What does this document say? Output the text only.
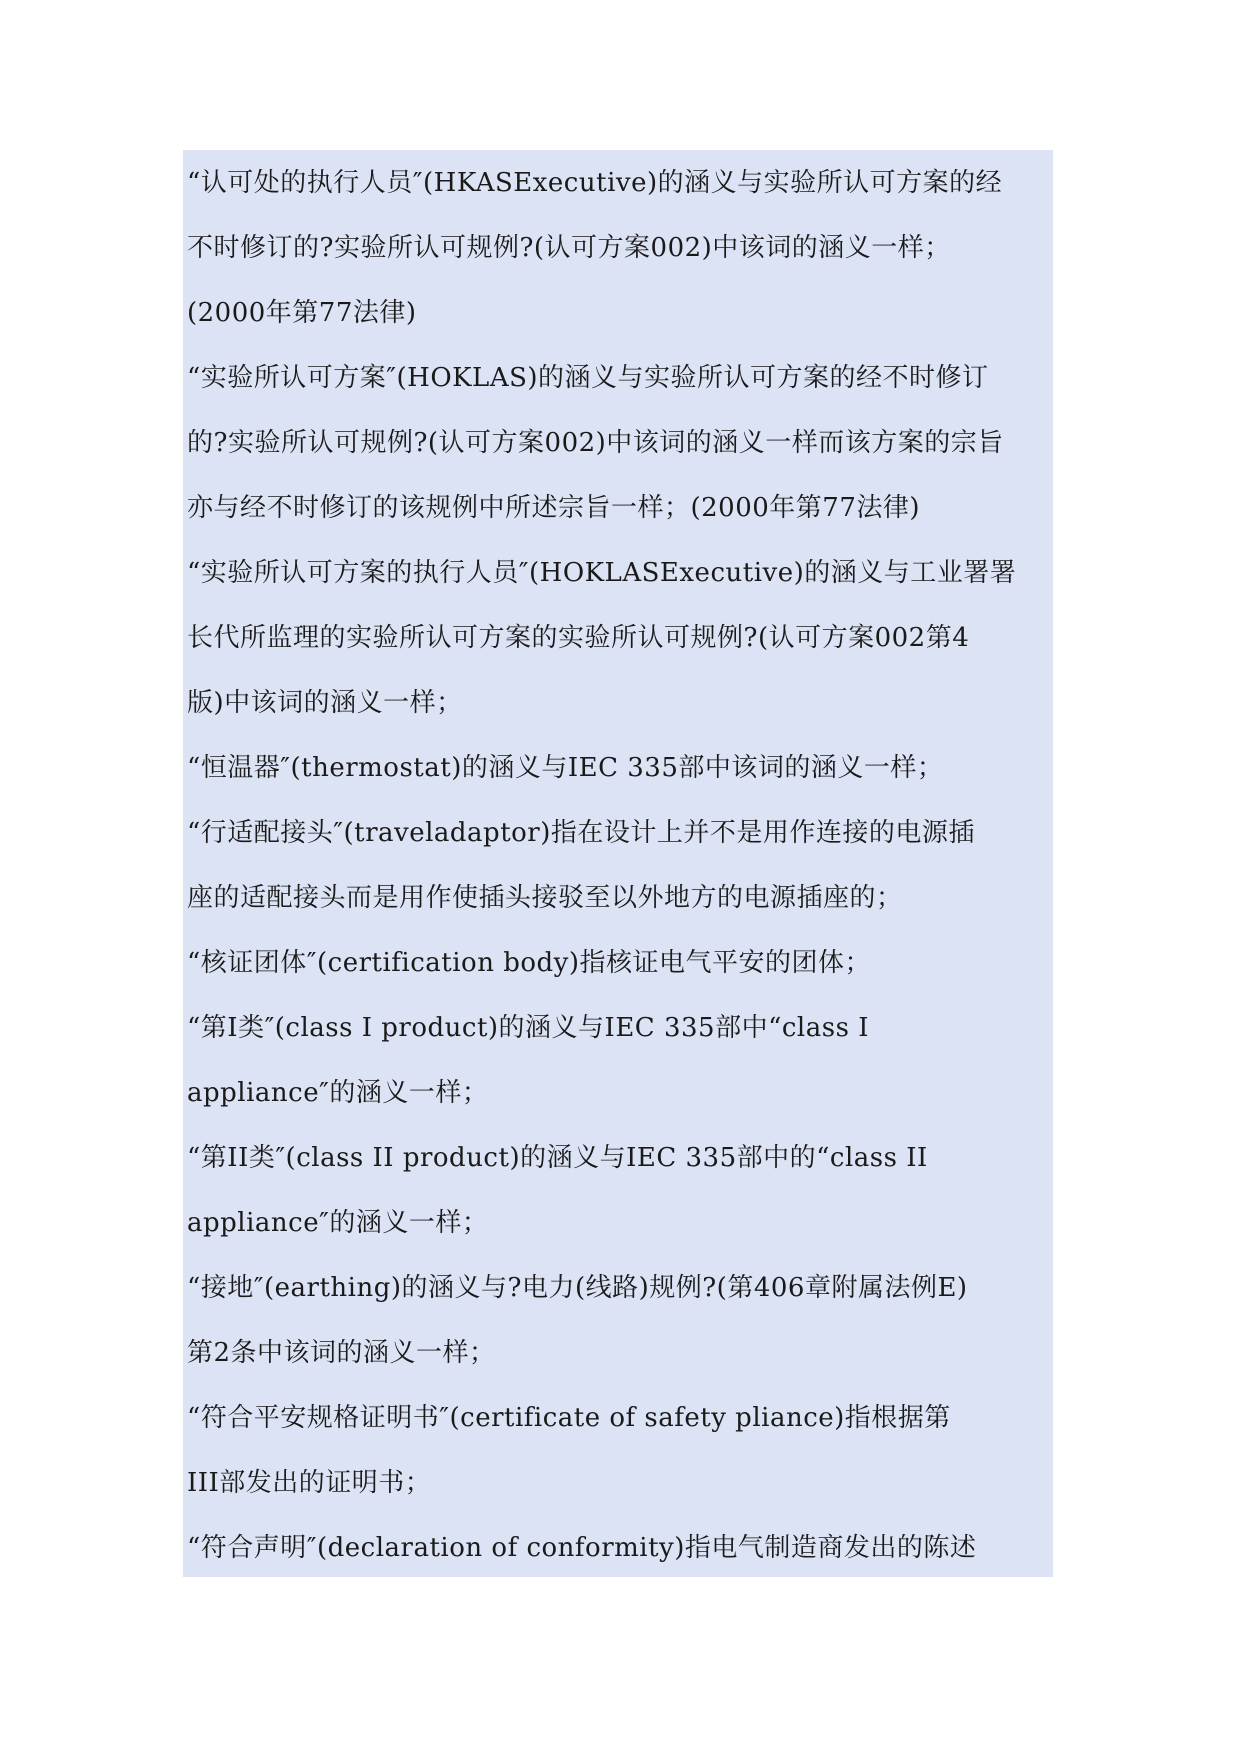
“认可处的执行人员″(HKASExecutive)的涵义与实验所认可方案的经
不时修订的?实验所认可规例?(认可方案002)中该词的涵义一样；
(2000年第77法律)
“实验所认可方案″(HOKLAS)的涵义与实验所认可方案的经不时修订
的?实验所认可规例?(认可方案002)中该词的涵义一样而该方案的宗旨
亦与经不时修订的该规例中所述宗旨一样；(2000年第77法律)
“实验所认可方案的执行人员″(HOKLASExecutive)的涵义与工业署署
长代所监理的实验所认可方案的实验所认可规例?(认可方案002第4
版)中该词的涵义一样；
“恒温器″(thermostat)的涵义与IEC 335部中该词的涵义一样；
“行适配接头″(traveladaptor)指在设计上并不是用作连接的电源插
座的适配接头而是用作使插头接驳至以外地方的电源插座的；
“核证团体″(certification body)指核证电气平安的团体；
“第I类″(class I product)的涵义与IEC 335部中“class I
appliance″的涵义一样；
“第II类″(class II product)的涵义与IEC 335部中的“class II
appliance″的涵义一样；
“接地″(earthing)的涵义与?电力(线路)规例?(第406章附属法例E)
第2条中该词的涵义一样；
“符合平安规格证明书″(certificate of safety pliance)指根据第
III部发出的证明书；
“符合声明″(declaration of conformity)指电气制造商发出的陈述
